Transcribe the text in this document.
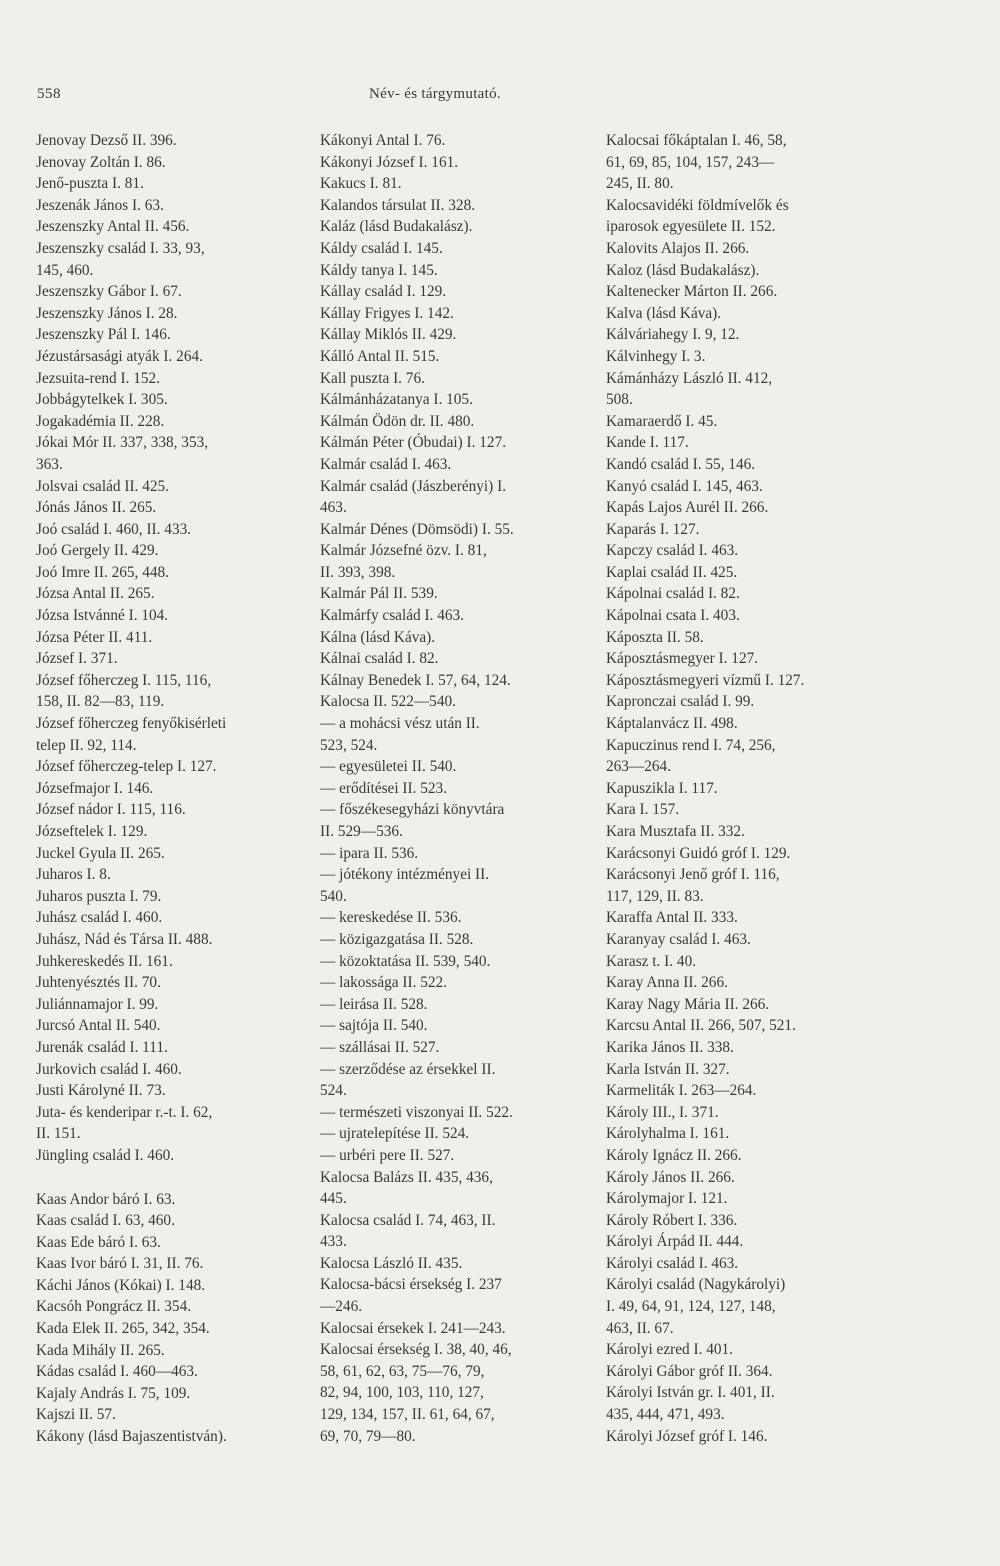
558	Név- és tárgymutató.
Jenovay Dezső II. 396.
Jenovay Zoltán I. 86.
Jenő-puszta I. 81.
Jeszenák János I. 63.
Jeszenszky Antal II. 456.
Jeszenszky család I. 33, 93,
145, 460.
Jeszenszky Gábor I. 67.
Jeszenszky János I. 28.
Jeszenszky Pál I. 146.
Jézustársasági atyák I. 264.
Jezsuita-rend I. 152.
Jobbágytelkek I. 305.
Jogakadémia II. 228.
Jókai Mór II. 337, 338, 353,
363.
Jolsvai család II. 425.
Jónás János II. 265.
Joó család I. 460, II. 433.
Joó Gergely II. 429.
Joó Imre II. 265, 448.
Józsa Antal II. 265.
Józsa Istvánné I. 104.
Józsa Péter II. 411.
József I. 371.
József főherczeg I. 115, 116,
158, II. 82—83, 119.
József főherczeg fenyőkisérleti
telep II. 92, 114.
József főherczeg-telep I. 127.
Józsefmajor I. 146.
József nádor I. 115, 116.
Józseftelek I. 129.
Juckel Gyula II. 265.
Juharos I. 8.
Juharos puszta I. 79.
Juhász család I. 460.
Juhász, Nád és Társa II. 488.
Juhkereskedés II. 161.
Juhtenyésztés II. 70.
Juliánnamajor I. 99.
Jurcsó Antal II. 540.
Jurenák család I. 111.
Jurkovich család I. 460.
Justi Károlyné II. 73.
Juta- és kenderipar r.-t. I. 62,
II. 151.
Jüngling család I. 460.
Kaas Andor báró I. 63.
Kaas család I. 63, 460.
Kaas Ede báró I. 63.
Kaas Ivor báró I. 31, II. 76.
Káchi János (Kókai) I. 148.
Kacsóh Pongrácz II. 354.
Kada Elek II. 265, 342, 354.
Kada Mihály II. 265.
Kádas család I. 460—463.
Kajaly András I. 75, 109.
Kajszi II. 57.
Kákony (lásd Bajaszentistván).
Kákonyi Antal I. 76.
Kákonyi József I. 161.
Kakucs I. 81.
Kalandos társulat II. 328.
Kaláz (lásd Budakalász).
Káldy család I. 145.
Káldy tanya I. 145.
Kállay család I. 129.
Kállay Frigyes I. 142.
Kállay Miklós II. 429.
Kálló Antal II. 515.
Kall puszta I. 76.
Kálmánházatanya I. 105.
Kálmán Ödön dr. II. 480.
Kálmán Péter (Óbudai) I. 127.
Kalmár család I. 463.
Kalmár család (Jászberényi) I.
463.
Kalmár Dénes (Dömsödi) I. 55.
Kalmár Józsefné özv. I. 81,
II. 393, 398.
Kalmár Pál II. 539.
Kalmárfy család I. 463.
Kálna (lásd Káva).
Kálnai család I. 82.
Kálnay Benedek I. 57, 64, 124.
Kalocsa II. 522—540.
— a mohácsi vész után II.
523, 524.
— egyesületei II. 540.
— erődítései II. 523.
— főszékesegyházi könyvtára
II. 529—536.
— ipara II. 536.
— jótékony intézményei II.
540.
— kereskedése II. 536.
— közigazgatása II. 528.
— közoktatása II. 539, 540.
— lakossága II. 522.
— leirása II. 528.
— sajtója II. 540.
— szállásai II. 527.
— szerződése az érsekkel II.
524.
— természeti viszonyai II. 522.
— ujratelepítése II. 524.
— urbéri pere II. 527.
Kalocsa Balázs II. 435, 436,
445.
Kalocsa család I. 74, 463, II.
433.
Kalocsa László II. 435.
Kalocsa-bácsi érsekség I. 237
—246.
Kalocsai érsekek I. 241—243.
Kalocsai érsekség I. 38, 40, 46,
58, 61, 62, 63, 75—76, 79,
82, 94, 100, 103, 110, 127,
129, 134, 157, II. 61, 64, 67,
69, 70, 79—80.
Kalocsai főkáptalan I. 46, 58,
61, 69, 85, 104, 157, 243—
245, II. 80.
Kalocsavidéki földmívelők és
iparosok egyesülete II. 152.
Kalovits Alajos II. 266.
Kaloz (lásd Budakalász).
Kaltenecker Márton II. 266.
Kalva (lásd Káva).
Kálváriahegy I. 9, 12.
Kálvinhegy I. 3.
Kámánházy László II. 412,
508.
Kamaraerdő I. 45.
Kande I. 117.
Kandó család I. 55, 146.
Kanyó család I. 145, 463.
Kapás Lajos Aurél II. 266.
Kaparás I. 127.
Kapczy család I. 463.
Kaplai család II. 425.
Kápolnai család I. 82.
Kápolnai csata I. 403.
Káposzta II. 58.
Káposztásmegyer I. 127.
Káposztásmegyeri vízmű I. 127.
Kapronczai család I. 99.
Káptalanvácz II. 498.
Kapuczinus rend I. 74, 256,
263—264.
Kapuszikla I. 117.
Kara I. 157.
Kara Musztafa II. 332.
Karácsonyi Guidó gróf I. 129.
Karácsonyi Jenő gróf I. 116,
117, 129, II. 83.
Karaffa Antal II. 333.
Karanyay család I. 463.
Karasz t. I. 40.
Karay Anna II. 266.
Karay Nagy Mária II. 266.
Karcsu Antal II. 266, 507, 521.
Karika János II. 338.
Karla István II. 327.
Karmeliták I. 263—264.
Károly III., I. 371.
Károlyhalma I. 161.
Károly Ignácz II. 266.
Károly János II. 266.
Károlymajor I. 121.
Károly Róbert I. 336.
Károlyi Árpád II. 444.
Károlyi család I. 463.
Károlyi család (Nagykárolyi)
I. 49, 64, 91, 124, 127, 148,
463, II. 67.
Károlyi ezred I. 401.
Károlyi Gábor gróf II. 364.
Károlyi István gr. I. 401, II.
435, 444, 471, 493.
Károlyi József gróf I. 146.
